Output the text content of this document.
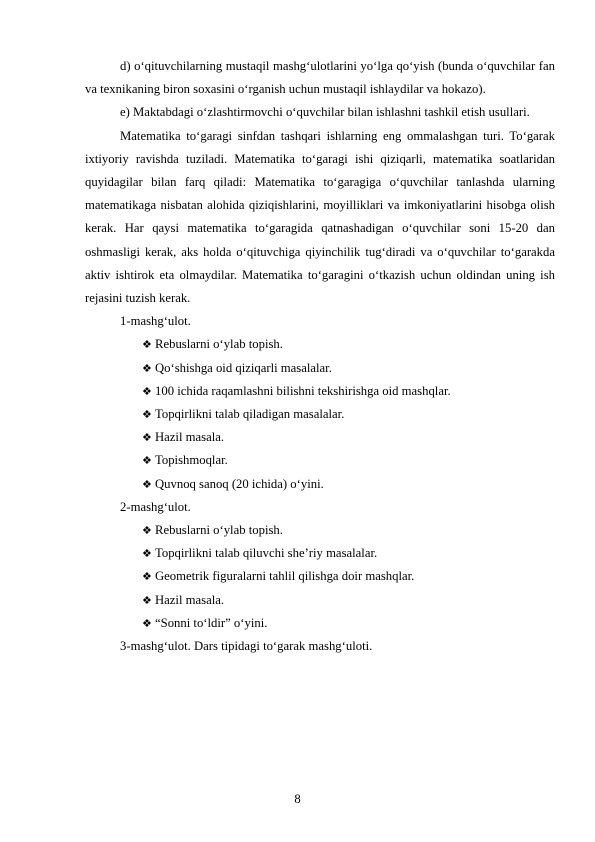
d) o‘qituvchilarning mustaqil mashg‘ulotlarini yo‘lga qo‘yish (bunda o‘quvchilar fan va texnikaning biron soxasini o‘rganish uchun mustaqil ishlaydilar va hokazo).

e) Maktabdagi o‘zlashtirmovchi o‘quvchilar bilan ishlashni tashkil etish usullari.

Matematika to‘garagi sinfdan tashqari ishlarning eng ommalashgan turi. To‘garak ixtiyoriy ravishda tuziladi. Matematika to‘garagi ishi qiziqarli, matematika soatlaridan quyidagilar bilan farq qiladi: Matematika to‘garagiga o‘quvchilar tanlashda ularning matematikaga nisbatan alohida qiziqishlarini, moyilliklari va imkoniyatlarini hisobga olish kerak. Har qaysi matematika to‘garagida qatnashadigan o‘quvchilar soni 15-20 dan oshmasligi kerak, aks holda o‘qituvchiga qiyinchilik tug‘diradi va o‘quvchilar to‘garakda aktiv ishtirok eta olmaydilar. Matematika to‘garagini o‘tkazish uchun oldindan uning ish rejasini tuzish kerak.

1-mashg‘ulot.

❖ Rebuslarni o‘ylab topish.
❖ Qo‘shishga oid qiziqarli masalalar.
❖ 100 ichida raqamlashni bilishni tekshirishga oid mashqlar.
❖ Topqirlikni talab qiladigan masalalar.
❖ Hazil masala.
❖ Topishmoqlar.
❖ Quvnoq sanoq (20 ichida) o‘yini.

2-mashg‘ulot.

❖ Rebuslarni o‘ylab topish.
❖ Topqirlikni talab qiluvchi she’riy masalalar.
❖ Geometrik figuralarni tahlil qilishga doir mashqlar.
❖ Hazil masala.
❖ “Sonni to‘ldir” o‘yini.

3-mashg‘ulot. Dars tipidagi to‘garak mashg‘uloti.

8
